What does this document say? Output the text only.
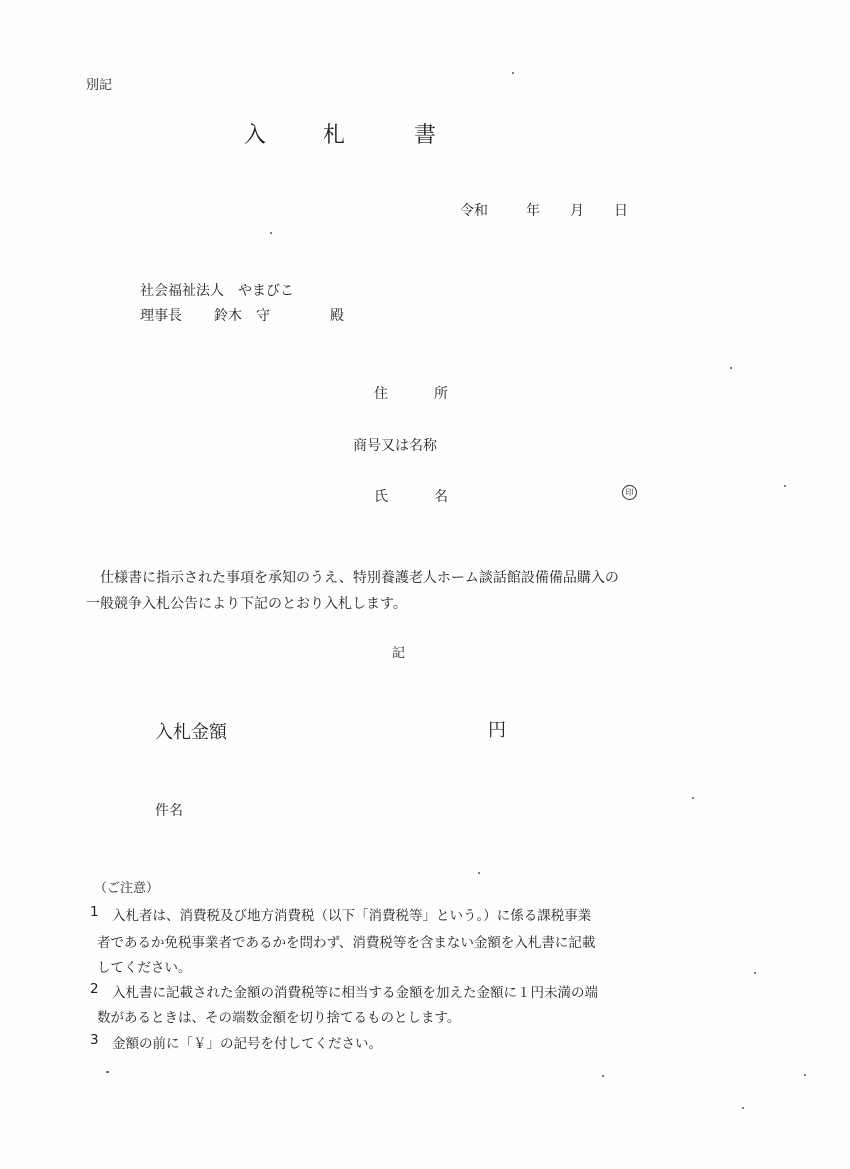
別記
入	札	書
令和	年 月 日
社会福祉法人　やまびこ
理事長 鈴木　守	殿
住	所
商号又は名称
氏	名	印
仕様書に指示された事項を承知のうえ、特別養護老人ホーム談話館設備備品購入の
一般競争入札公告により下記のとおり入札します。
記
入札金額	円
件名
（ご注意）
1 入札者は、消費税及び地方消費税（以下「消費税等」という。）に係る課税事業
者であるか免税事業者であるかを問わず、消費税等を含まない金額を入札書に記載
してください。
2 入札書に記載された金額の消費税等に相当する金額を加えた金額に１円未満の端
数があるときは、その端数金額を切り捨てるものとします。
3 金額の前に「￥」の記号を付してください。
